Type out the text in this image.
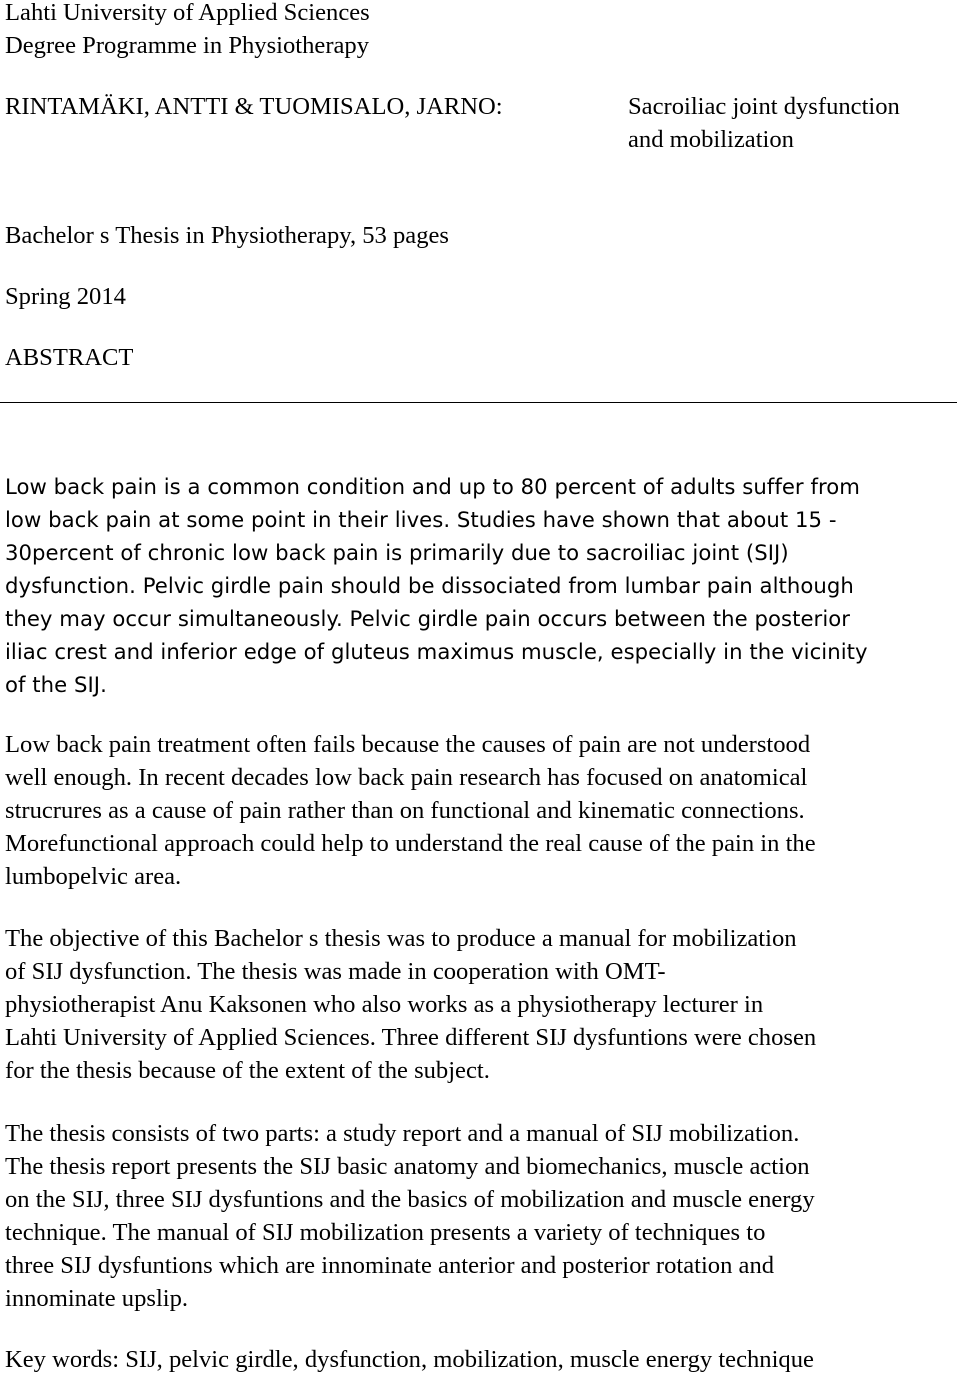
Lahti University of Applied Sciences
Degree Programme in Physiotherapy

RINTAMÄKI, ANTTI & TUOMISALO, JARNO:	Sacroiliac joint dysfunction
and mobilization

Bachelor s Thesis in Physiotherapy, 53 pages

Spring 2014

ABSTRACT

Low back pain is a common condition and up to 80 percent of adults suffer from
low back pain at some point in their lives. Studies have shown that about 15 -
30percent of chronic low back pain is primarily due to sacroiliac joint (SIJ)
dysfunction. Pelvic girdle pain should be dissociated from lumbar pain although
they may occur simultaneously. Pelvic girdle pain occurs between the posterior
iliac crest and inferior edge of gluteus maximus muscle, especially in the vicinity
of the SIJ.
Low back pain treatment often fails because the causes of pain are not understood
well enough. In recent decades low back pain research has focused on anatomical
strucrures as a cause of pain rather than on functional and kinematic connections.
Morefunctional approach could help to understand the real cause of the pain in the
lumbopelvic area.
The objective of this Bachelor s thesis was to produce a manual for mobilization
of SIJ dysfunction. The thesis was made in cooperation with OMT-
physiotherapist Anu Kaksonen who also works as a physiotherapy lecturer in
Lahti University of Applied Sciences. Three different SIJ dysfuntions were chosen
for the thesis because of the extent of the subject.
The thesis consists of two parts: a study report and a manual of SIJ mobilization.
The thesis report presents the SIJ basic anatomy and biomechanics, muscle action
on the SIJ, three SIJ dysfuntions and the basics of mobilization and muscle energy
technique. The manual of SIJ mobilization presents a variety of techniques to
three SIJ dysfuntions which are innominate anterior and posterior rotation and
innominate upslip.

Key words: SIJ, pelvic girdle, dysfunction, mobilization, muscle energy technique
